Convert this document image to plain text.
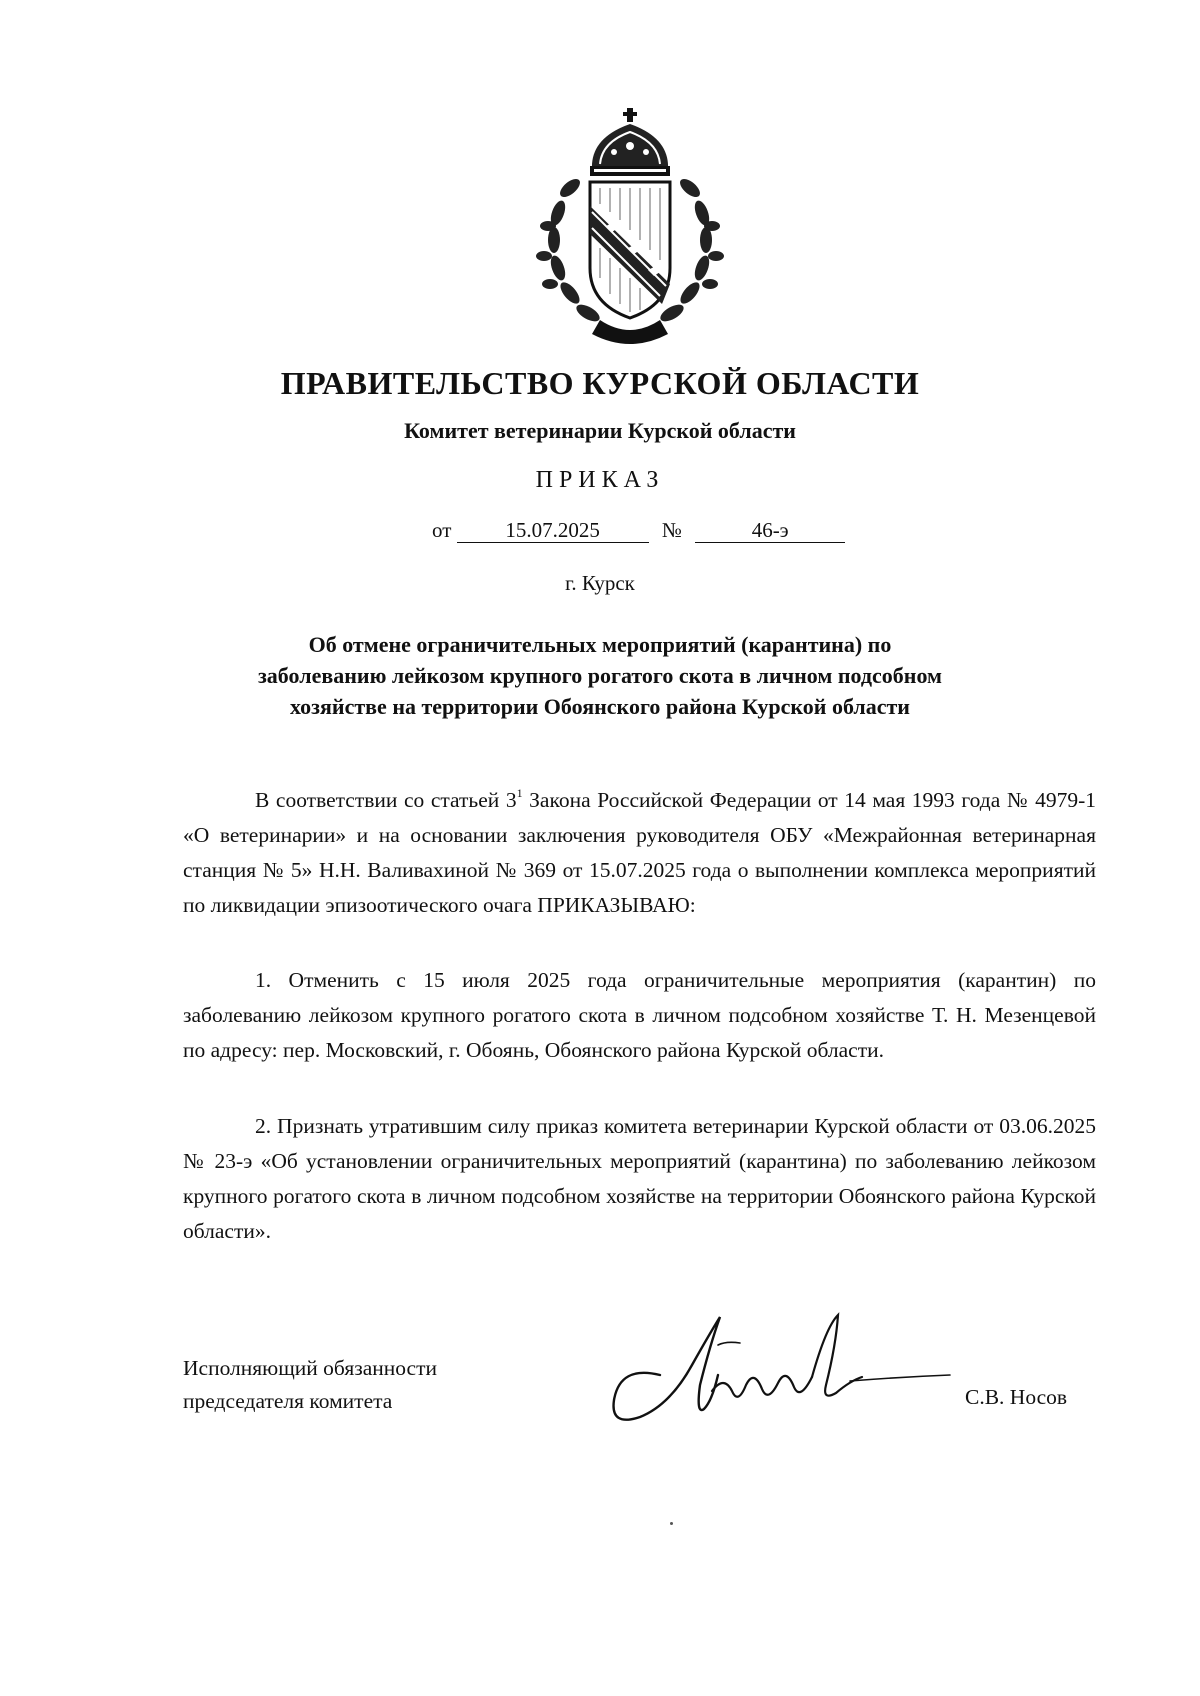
ПРАВИТЕЛЬСТВО КУРСКОЙ ОБЛАСТИ
Комитет ветеринарии Курской области
ПРИКАЗ
от	15.07.2025	№	46-э
г. Курск
Об отмене ограничительных мероприятий (карантина) по
заболеванию лейкозом крупного рогатого скота в личном подсобном
хозяйстве на территории Обоянского района Курской области

В соответствии со статьей $3^1$ Закона Российской Федерации от 14 мая 1993 года № 4979-1 «О ветеринарии» и на основании заключения руководителя ОБУ «Межрайонная ветеринарная станция № 5» Н.Н. Валивахиной № 369 от 15.07.2025 года о выполнении комплекса мероприятий по ликвидации эпизоотического очага ПРИКАЗЫВАЮ:

1. Отменить с 15 июля 2025 года ограничительные мероприятия (карантин) по заболеванию лейкозом крупного рогатого скота в личном подсобном хозяйстве Т. Н. Мезенцевой по адресу: пер. Московский, г. Обоянь, Обоянского района Курской области.

2. Признать утратившим силу приказ комитета ветеринарии Курской области от 03.06.2025 № 23-э «Об установлении ограничительных мероприятий (карантина) по заболеванию лейкозом крупного рогатого скота в личном подсобном хозяйстве на территории Обоянского района Курской области».

Исполняющий обязанности
председателя комитета	С.В. Носов
